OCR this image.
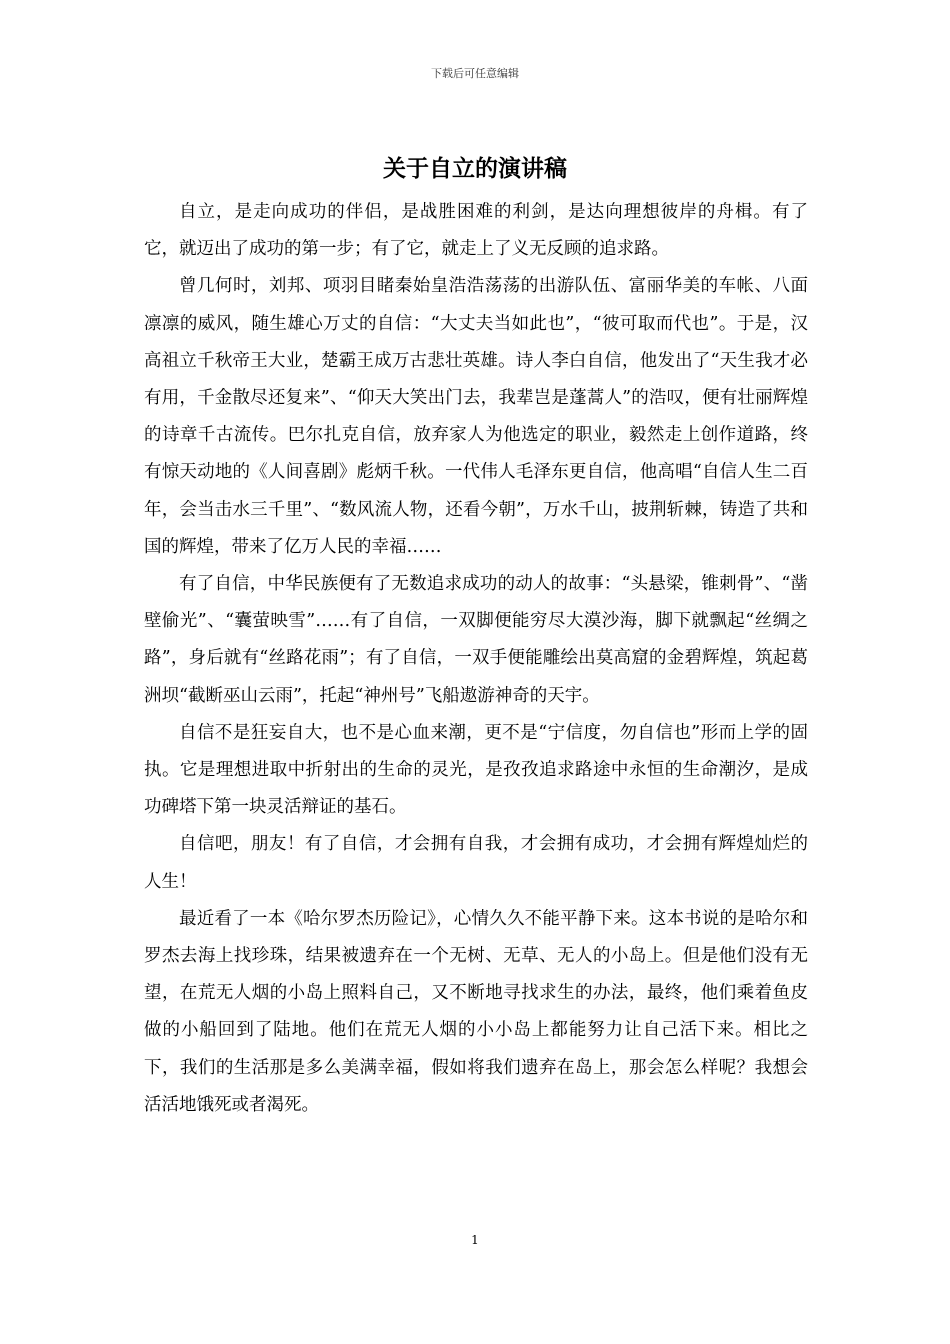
下载后可任意编辑
关于自立的演讲稿

自立，是走向成功的伴侣，是战胜困难的利剑，是达向理想彼岸的舟楫。有了它，就迈出了成功的第一步；有了它，就走上了义无反顾的追求路。

曾几何时，刘邦、项羽目睹秦始皇浩浩荡荡的出游队伍、富丽华美的车帐、八面凛凛的威风，随生雄心万丈的自信：“大丈夫当如此也”，“彼可取而代也”。于是，汉高祖立千秋帝王大业，楚霸王成万古悲壮英雄。诗人李白自信，他发出了“天生我才必有用，千金散尽还复来”、“仰天大笑出门去，我辈岂是蓬蒿人”的浩叹，便有壮丽辉煌的诗章千古流传。巴尔扎克自信，放弃家人为他选定的职业，毅然走上创作道路，终有惊天动地的《人间喜剧》彪炳千秋。一代伟人毛泽东更自信，他高唱“自信人生二百年，会当击水三千里”、“数风流人物，还看今朝”，万水千山，披荆斩棘，铸造了共和国的辉煌，带来了亿万人民的幸福……

有了自信，中华民族便有了无数追求成功的动人的故事：“头悬梁，锥刺骨”、“凿壁偷光”、“囊萤映雪”……有了自信，一双脚便能穷尽大漠沙海，脚下就飘起“丝绸之路”，身后就有“丝路花雨”；有了自信，一双手便能雕绘出莫高窟的金碧辉煌，筑起葛洲坝“截断巫山云雨”，托起“神州号”飞船遨游神奇的天宇。

自信不是狂妄自大，也不是心血来潮，更不是“宁信度，勿自信也”形而上学的固执。它是理想进取中折射出的生命的灵光，是孜孜追求路途中永恒的生命潮汐，是成功碑塔下第一块灵活辩证的基石。

自信吧，朋友！有了自信，才会拥有自我，才会拥有成功，才会拥有辉煌灿烂的人生！

最近看了一本《哈尔罗杰历险记》，心情久久不能平静下来。这本书说的是哈尔和罗杰去海上找珍珠，结果被遗弃在一个无树、无草、无人的小岛上。但是他们没有无望，在荒无人烟的小岛上照料自己，又不断地寻找求生的办法，最终，他们乘着鱼皮做的小船回到了陆地。他们在荒无人烟的小小岛上都能努力让自己活下来。相比之下，我们的生活那是多么美满幸福，假如将我们遗弃在岛上，那会怎么样呢？我想会活活地饿死或者渴死。

1
